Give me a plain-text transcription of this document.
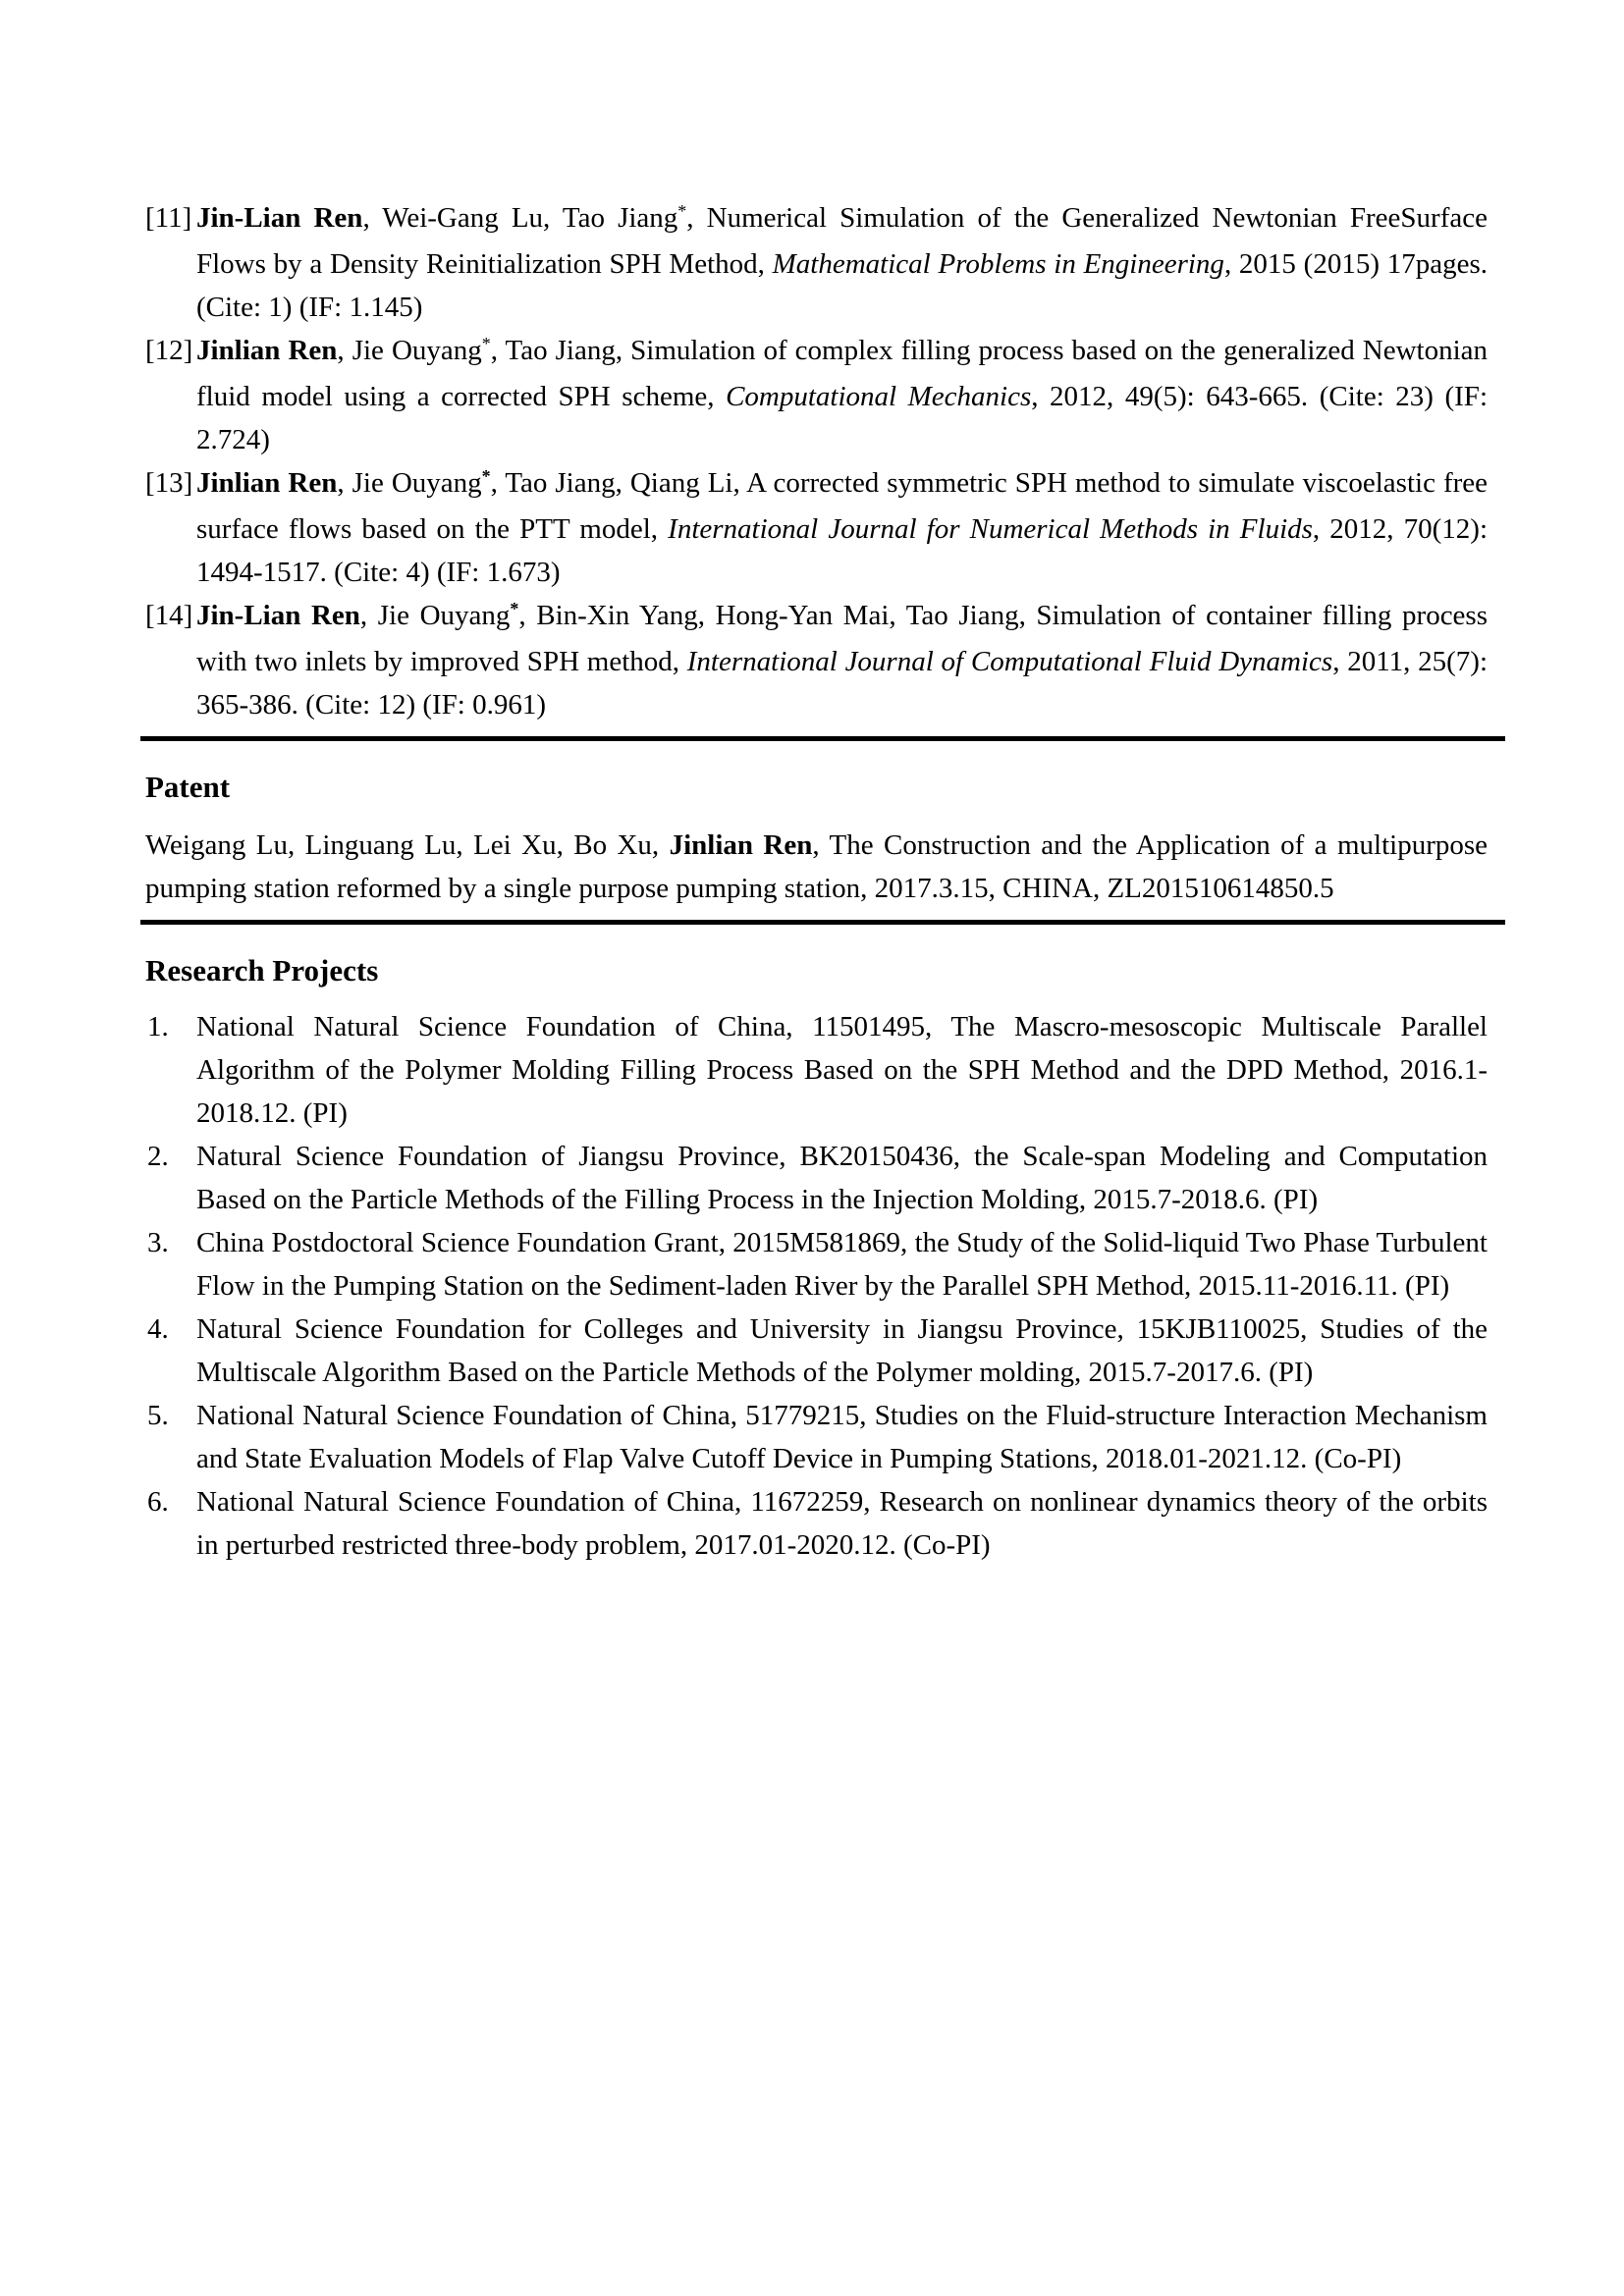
[11] Jin-Lian Ren, Wei-Gang Lu, Tao Jiang*, Numerical Simulation of the Generalized Newtonian FreeSurface Flows by a Density Reinitialization SPH Method, Mathematical Problems in Engineering, 2015 (2015) 17pages. (Cite: 1) (IF: 1.145)
[12] Jinlian Ren, Jie Ouyang*, Tao Jiang, Simulation of complex filling process based on the generalized Newtonian fluid model using a corrected SPH scheme, Computational Mechanics, 2012, 49(5): 643-665. (Cite: 23) (IF: 2.724)
[13] Jinlian Ren, Jie Ouyang*, Tao Jiang, Qiang Li, A corrected symmetric SPH method to simulate viscoelastic free surface flows based on the PTT model, International Journal for Numerical Methods in Fluids, 2012, 70(12): 1494-1517. (Cite: 4) (IF: 1.673)
[14] Jin-Lian Ren, Jie Ouyang*, Bin-Xin Yang, Hong-Yan Mai, Tao Jiang, Simulation of container filling process with two inlets by improved SPH method, International Journal of Computational Fluid Dynamics, 2011, 25(7): 365-386. (Cite: 12) (IF: 0.961)
Patent

Weigang Lu, Linguang Lu, Lei Xu, Bo Xu, Jinlian Ren, The Construction and the Application of a multipurpose pumping station reformed by a single purpose pumping station, 2017.3.15, CHINA, ZL201510614850.5

Research Projects
1. National Natural Science Foundation of China, 11501495, The Mascro-mesoscopic Multiscale Parallel Algorithm of the Polymer Molding Filling Process Based on the SPH Method and the DPD Method, 2016.1-2018.12. (PI)
2. Natural Science Foundation of Jiangsu Province, BK20150436, the Scale-span Modeling and Computation Based on the Particle Methods of the Filling Process in the Injection Molding, 2015.7-2018.6. (PI)
3. China Postdoctoral Science Foundation Grant, 2015M581869, the Study of the Solid-liquid Two Phase Turbulent Flow in the Pumping Station on the Sediment-laden River by the Parallel SPH Method, 2015.11-2016.11. (PI)
4. Natural Science Foundation for Colleges and University in Jiangsu Province, 15KJB110025, Studies of the Multiscale Algorithm Based on the Particle Methods of the Polymer molding, 2015.7-2017.6. (PI)
5. National Natural Science Foundation of China, 51779215, Studies on the Fluid-structure Interaction Mechanism and State Evaluation Models of Flap Valve Cutoff Device in Pumping Stations, 2018.01-2021.12. (Co-PI)
6. National Natural Science Foundation of China, 11672259, Research on nonlinear dynamics theory of the orbits in perturbed restricted three-body problem, 2017.01-2020.12. (Co-PI)
